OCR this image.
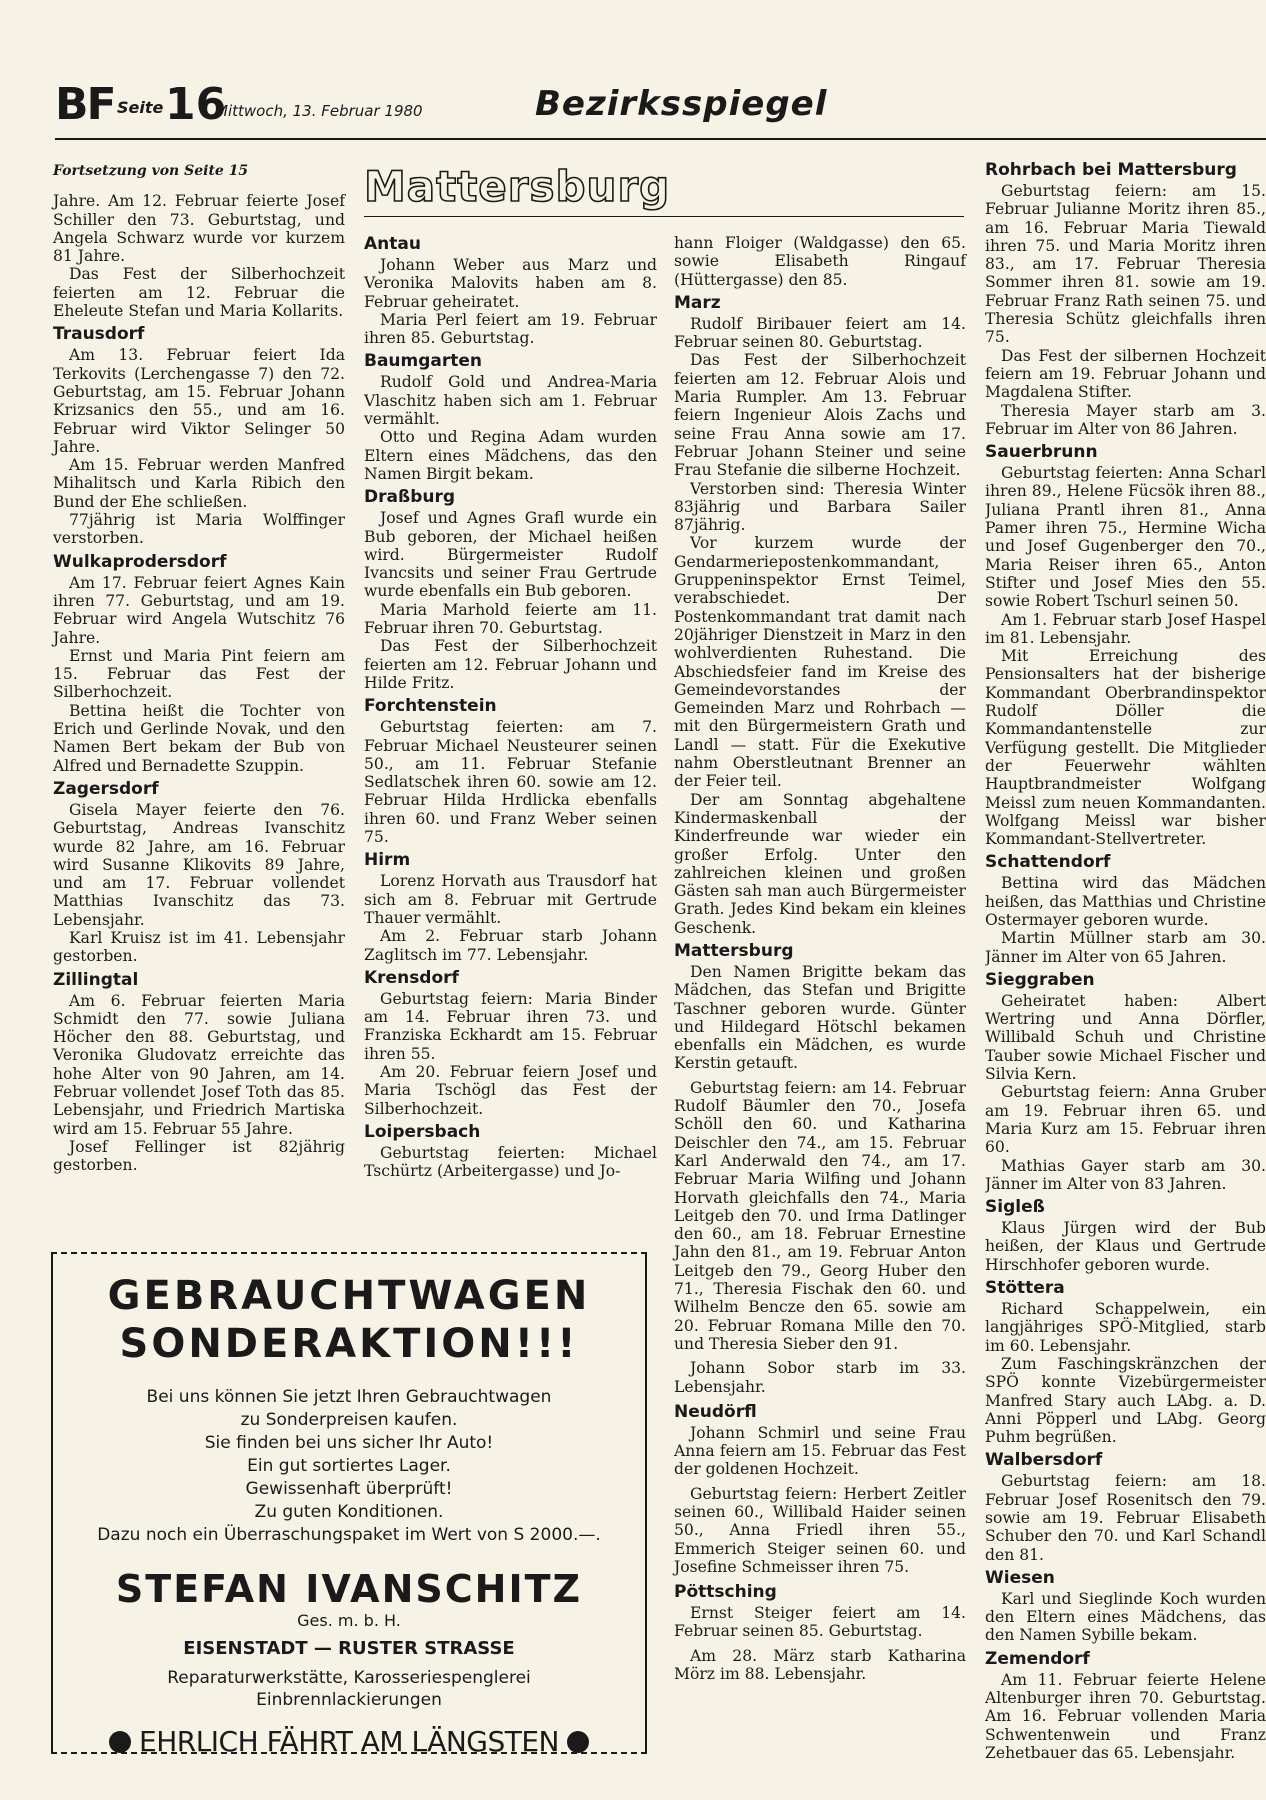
BF Seite 16
Mittwoch, 13. Februar 1980	Bezirksspiegel
Fortsetzung von Seite 15

Jahre. Am 12. Februar feierte Josef Schiller den 73. Geburtstag, und Angela Schwarz wurde vor kurzem 81 Jahre.

Das Fest der Silberhochzeit feierten am 12. Februar die Eheleute Stefan und Maria Kollarits.

Trausdorf

Am 13. Februar feiert Ida Terkovits (Lerchengasse 7) den 72. Geburtstag, am 15. Februar Johann Krizsanics den 55., und am 16. Februar wird Viktor Selinger 50 Jahre.

Am 15. Februar werden Manfred Mihalitsch und Karla Ribich den Bund der Ehe schließen.

77jährig ist Maria Wolffinger verstorben.

Wulkaprodersdorf

Am 17. Februar feiert Agnes Kain ihren 77. Geburtstag, und am 19. Februar wird Angela Wutschitz 76 Jahre.

Ernst und Maria Pint feiern am 15. Februar das Fest der Silberhochzeit.

Bettina heißt die Tochter von Erich und Gerlinde Novak, und den Namen Bert bekam der Bub von Alfred und Bernadette Szuppin.

Zagersdorf

Gisela Mayer feierte den 76. Geburtstag, Andreas Ivanschitz wurde 82 Jahre, am 16. Februar wird Susanne Klikovits 89 Jahre, und am 17. Februar vollendet Matthias Ivanschitz das 73. Lebensjahr.

Karl Kruisz ist im 41. Lebensjahr gestorben.

Zillingtal

Am 6. Februar feierten Maria Schmidt den 77. sowie Juliana Höcher den 88. Geburtstag, und Veronika Gludovatz erreichte das hohe Alter von 90 Jahren, am 14. Februar vollendet Josef Toth das 85. Lebensjahr, und Friedrich Martiska wird am 15. Februar 55 Jahre.

Josef Fellinger ist 82jährig gestorben.

Mattersburg
Antau

Johann Weber aus Marz und Veronika Malovits haben am 8. Februar geheiratet.

Maria Perl feiert am 19. Februar ihren 85. Geburtstag.

Baumgarten

Rudolf Gold und Andrea-Maria Vlaschitz haben sich am 1. Februar vermählt.

Otto und Regina Adam wurden Eltern eines Mädchens, das den Namen Birgit bekam.

Draßburg

Josef und Agnes Grafl wurde ein Bub geboren, der Michael heißen wird. Bürgermeister Rudolf Ivancsits und seiner Frau Gertrude wurde ebenfalls ein Bub geboren.

Maria Marhold feierte am 11. Februar ihren 70. Geburtstag.

Das Fest der Silberhochzeit feierten am 12. Februar Johann und Hilde Fritz.

Forchtenstein

Geburtstag feierten: am 7. Februar Michael Neusteurer seinen 50., am 11. Februar Stefanie Sedlatschek ihren 60. sowie am 12. Februar Hilda Hrdlicka ebenfalls ihren 60. und Franz Weber seinen 75.

Hirm

Lorenz Horvath aus Trausdorf hat sich am 8. Februar mit Gertrude Thauer vermählt.

Am 2. Februar starb Johann Zaglitsch im 77. Lebensjahr.

Krensdorf

Geburtstag feiern: Maria Binder am 14. Februar ihren 73. und Franziska Eckhardt am 15. Februar ihren 55.

Am 20. Februar feiern Josef und Maria Tschögl das Fest der Silberhochzeit.

Loipersbach

Geburtstag feierten: Michael Tschürtz (Arbeitergasse) und Jo-

hann Floiger (Waldgasse) den 65. sowie Elisabeth Ringauf (Hüttergasse) den 85.

Marz

Rudolf Biribauer feiert am 14. Februar seinen 80. Geburtstag.

Das Fest der Silberhochzeit feierten am 12. Februar Alois und Maria Rumpler. Am 13. Februar feiern Ingenieur Alois Zachs und seine Frau Anna sowie am 17. Februar Johann Steiner und seine Frau Stefanie die silberne Hochzeit.

Verstorben sind: Theresia Winter 83jährig und Barbara Sailer 87jährig.

Vor kurzem wurde der Gendarmeriepostenkommandant, Gruppeninspektor Ernst Teimel, verabschiedet. Der Postenkommandant trat damit nach 20jähriger Dienstzeit in Marz in den wohlverdienten Ruhestand. Die Abschiedsfeier fand im Kreise des Gemeindevorstandes der Gemeinden Marz und Rohrbach — mit den Bürgermeistern Grath und Landl — statt. Für die Exekutive nahm Oberstleutnant Brenner an der Feier teil.

Der am Sonntag abgehaltene Kindermaskenball der Kinderfreunde war wieder ein großer Erfolg. Unter den zahlreichen kleinen und großen Gästen sah man auch Bürgermeister Grath. Jedes Kind bekam ein kleines Geschenk.

Mattersburg

Den Namen Brigitte bekam das Mädchen, das Stefan und Brigitte Taschner geboren wurde. Günter und Hildegard Hötschl bekamen ebenfalls ein Mädchen, es wurde Kerstin getauft.

Geburtstag feiern: am 14. Februar Rudolf Bäumler den 70., Josefa Schöll den 60. und Katharina Deischler den 74., am 15. Februar Karl Anderwald den 74., am 17. Februar Maria Wilfing und Johann Horvath gleichfalls den 74., Maria Leitgeb den 70. und Irma Datlinger den 60., am 18. Februar Ernestine Jahn den 81., am 19. Februar Anton Leitgeb den 79., Georg Huber den 71., Theresia Fischak den 60. und Wilhelm Bencze den 65. sowie am 20. Februar Romana Mille den 70. und Theresia Sieber den 91.

Johann Sobor starb im 33. Lebensjahr.

Neudörfl

Johann Schmirl und seine Frau Anna feiern am 15. Februar das Fest der goldenen Hochzeit.

Geburtstag feiern: Herbert Zeitler seinen 60., Willibald Haider seinen 50., Anna Friedl ihren 55., Emmerich Steiger seinen 60. und Josefine Schmeisser ihren 75.

Pöttsching

Ernst Steiger feiert am 14. Februar seinen 85. Geburtstag.

Am 28. März starb Katharina Mörz im 88. Lebensjahr.

Rohrbach bei Mattersburg

Geburtstag feiern: am 15. Februar Julianne Moritz ihren 85., am 16. Februar Maria Tiewald ihren 75. und Maria Moritz ihren 83., am 17. Februar Theresia Sommer ihren 81. sowie am 19. Februar Franz Rath seinen 75. und Theresia Schütz gleichfalls ihren 75.

Das Fest der silbernen Hochzeit feiern am 19. Februar Johann und Magdalena Stifter.

Theresia Mayer starb am 3. Februar im Alter von 86 Jahren.

Sauerbrunn

Geburtstag feierten: Anna Scharl ihren 89., Helene Fücsök ihren 88., Juliana Prantl ihren 81., Anna Pamer ihren 75., Hermine Wicha und Josef Gugenberger den 70., Maria Reiser ihren 65., Anton Stifter und Josef Mies den 55. sowie Robert Tschurl seinen 50.

Am 1. Februar starb Josef Haspel im 81. Lebensjahr.

Mit Erreichung des Pensionsalters hat der bisherige Kommandant Oberbrandinspektor Rudolf Döller die Kommandantenstelle zur Verfügung gestellt. Die Mitglieder der Feuerwehr wählten Hauptbrandmeister Wolfgang Meissl zum neuen Kommandanten. Wolfgang Meissl war bisher Kommandant-Stellvertreter.

Schattendorf

Bettina wird das Mädchen heißen, das Matthias und Christine Ostermayer geboren wurde.

Martin Müllner starb am 30. Jänner im Alter von 65 Jahren.

Sieggraben

Geheiratet haben: Albert Wertring und Anna Dörfler, Willibald Schuh und Christine Tauber sowie Michael Fischer und Silvia Kern.

Geburtstag feiern: Anna Gruber am 19. Februar ihren 65. und Maria Kurz am 15. Februar ihren 60.

Mathias Gayer starb am 30. Jänner im Alter von 83 Jahren.

Sigleß

Klaus Jürgen wird der Bub heißen, der Klaus und Gertrude Hirschhofer geboren wurde.

Stöttera

Richard Schappelwein, ein langjähriges SPÖ-Mitglied, starb im 60. Lebensjahr.

Zum Faschingskränzchen der SPÖ konnte Vizebürgermeister Manfred Stary auch LAbg. a. D. Anni Pöpperl und LAbg. Georg Puhm begrüßen.

Walbersdorf

Geburtstag feiern: am 18. Februar Josef Rosenitsch den 79. sowie am 19. Februar Elisabeth Schuber den 70. und Karl Schandl den 81.

Wiesen

Karl und Sieglinde Koch wurden den Eltern eines Mädchens, das den Namen Sybille bekam.

Zemendorf

Am 11. Februar feierte Helene Altenburger ihren 70. Geburtstag. Am 16. Februar vollenden Maria Schwentenwein und Franz Zehetbauer das 65. Lebensjahr.

GEBRAUCHTWAGEN
SONDERAKTION!!!
Bei uns können Sie jetzt Ihren Gebrauchtwagen
zu Sonderpreisen kaufen.
Sie finden bei uns sicher Ihr Auto!
Ein gut sortiertes Lager.
Gewissenhaft überprüft!
Zu guten Konditionen.
Dazu noch ein Überraschungspaket im Wert von S 2000.—.
STEFAN IVANSCHITZ
Ges. m. b. H.
EISENSTADT — RUSTER STRASSE
Reparaturwerkstätte, Karosseriespenglerei
Einbrennlackierungen
EHRLICH FÄHRT AM LÄNGSTEN
